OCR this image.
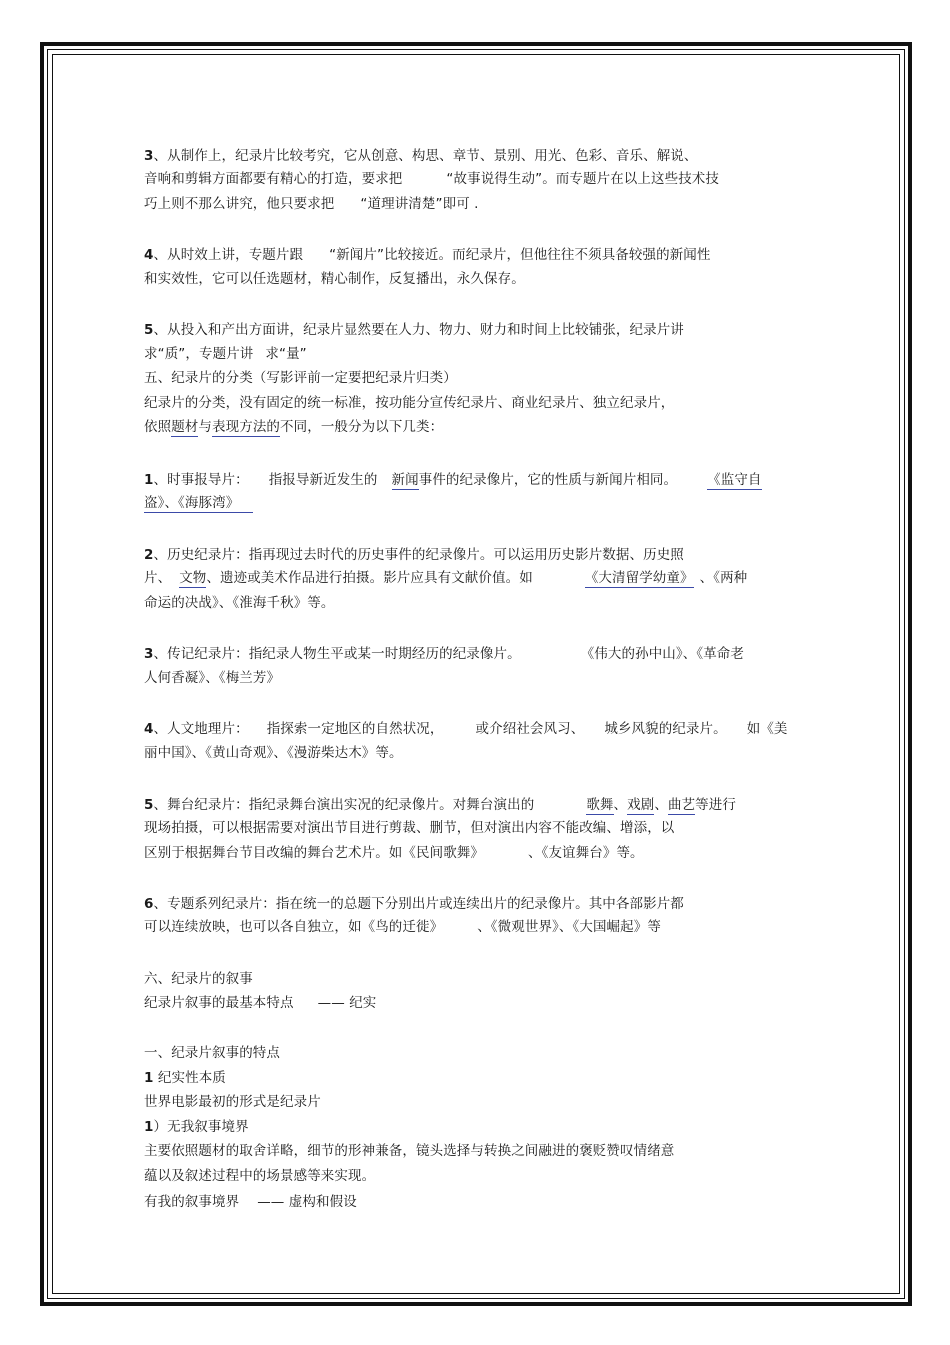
3、从制作上，纪录片比较考究，它从创意、构思、章节、景别、用光、色彩、音乐、解说、
音响和剪辑方面都要有精心的打造，要求把	“故事说得生动”。而专题片在以上这些技术技
巧上则不那么讲究，他只要求把 “道理讲清楚”即可 .
4、从时效上讲，专题片跟 “新闻片”比较接近。而纪录片，但他往往不须具备较强的新闻性
和实效性，它可以任选题材，精心制作，反复播出，永久保存。
5、从投入和产出方面讲，纪录片显然要在人力、物力、财力和时间上比较铺张，纪录片讲
求“质”，专题片讲 求“量”
五、纪录片的分类（写影评前一定要把纪录片归类）
纪录片的分类，没有固定的统一标准，按功能分宣传纪录片、商业纪录片、独立纪录片，
依照题材与表现方法的不同，一般分为以下几类：
1、时事报导片： 指报导新近发生的 新闻事件的纪录像片，它的性质与新闻片相同。 《监守自
盗》、《海豚湾》
2、历史纪录片：指再现过去时代的历史事件的纪录像片。可以运用历史影片数据、历史照
片、 文物、遗迹或美术作品进行拍摄。影片应具有文献价值。如	《大清留学幼童》 、《两种
命运的决战》、《淮海千秋》等。
3、传记纪录片：指纪录人物生平或某一时期经历的纪录像片。	《伟大的孙中山》、《革命老
人何香凝》、《梅兰芳》
4、人文地理片： 指探索一定地区的自然状况， 或介绍社会风习、 城乡风貌的纪录片。 如《美
丽中国》、《黄山奇观》、《漫游柴达木》等。
5、舞台纪录片：指纪录舞台演出实况的纪录像片。对舞台演出的	歌舞、戏剧、曲艺等进行
现场拍摄，可以根据需要对演出节目进行剪裁、删节，但对演出内容不能改编、增添，以
区别于根据舞台节目改编的舞台艺术片。如《民间歌舞》	、《友谊舞台》等。
6、专题系列纪录片：指在统一的总题下分别出片或连续出片的纪录像片。其中各部影片都
可以连续放映，也可以各自独立，如《鸟的迁徙》	、《微观世界》、《大国崛起》等
六、纪录片的叙事
纪录片叙事的最基本特点 —— 纪实
一、纪录片叙事的特点
1 纪实性本质
世界电影最初的形式是纪录片
1）无我叙事境界
主要依照题材的取舍详略，细节的形神兼备，镜头选择与转换之间融进的褒贬赞叹情绪意
蕴以及叙述过程中的场景感等来实现。
有我的叙事境界 —— 虚构和假设
